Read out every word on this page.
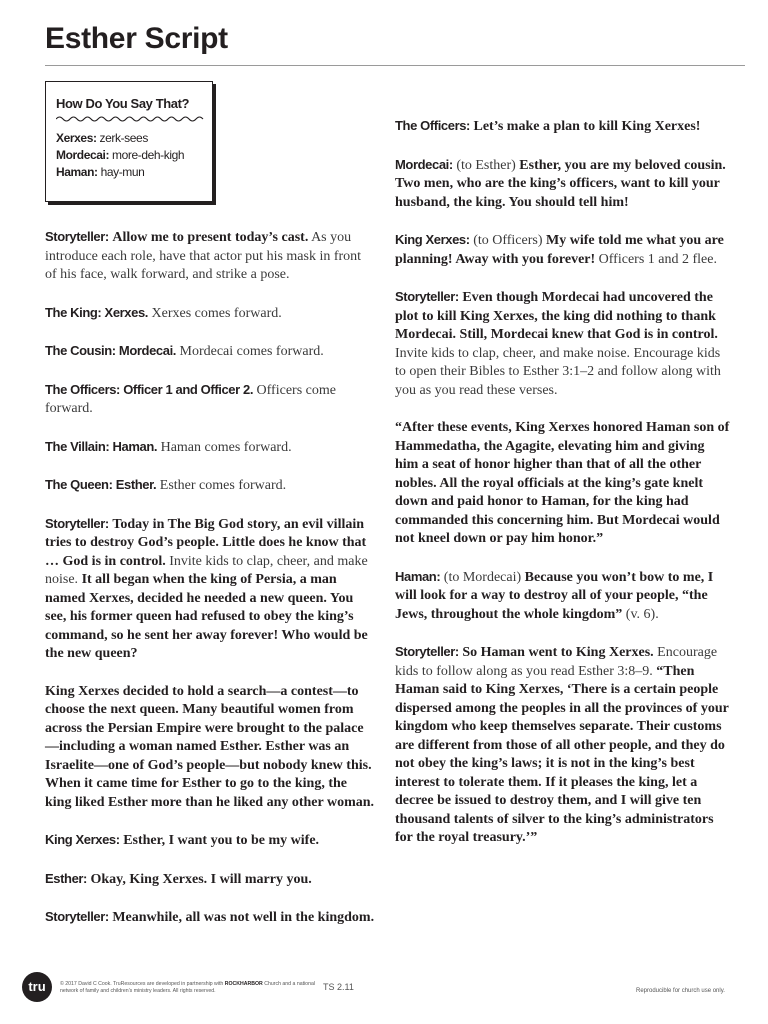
Esther Script

How Do You Say That?

Xerxes: zerk-sees
Mordecai: more-deh-kigh
Haman: hay-mun

Storyteller: Allow me to present today’s cast. As you introduce each role, have that actor put his mask in front of his face, walk forward, and strike a pose.

The King: Xerxes. Xerxes comes forward.

The Cousin: Mordecai. Mordecai comes forward.

The Officers: Officer 1 and Officer 2. Officers come forward.

The Villain: Haman. Haman comes forward.

The Queen: Esther. Esther comes forward.

Storyteller: Today in The Big God story, an evil villain tries to destroy God’s people. Little does he know that … God is in control. Invite kids to clap, cheer, and make noise. It all began when the king of Persia, a man named Xerxes, decided he needed a new queen. You see, his former queen had refused to obey the king’s command, so he sent her away forever! Who would be the new queen?

King Xerxes decided to hold a search—a contest—to choose the next queen. Many beautiful women from across the Persian Empire were brought to the palace—including a woman named Esther. Esther was an Israelite—one of God’s people—but nobody knew this. When it came time for Esther to go to the king, the king liked Esther more than he liked any other woman.

King Xerxes: Esther, I want you to be my wife.

Esther: Okay, King Xerxes. I will marry you.

Storyteller: Meanwhile, all was not well in the kingdom.

The Officers: Let’s make a plan to kill King Xerxes!

Mordecai: (to Esther) Esther, you are my beloved cousin. Two men, who are the king’s officers, want to kill your husband, the king. You should tell him!

King Xerxes: (to Officers) My wife told me what you are planning! Away with you forever! Officers 1 and 2 flee.

Storyteller: Even though Mordecai had uncovered the plot to kill King Xerxes, the king did nothing to thank Mordecai. Still, Mordecai knew that God is in control. Invite kids to clap, cheer, and make noise. Encourage kids to open their Bibles to Esther 3:1–2 and follow along with you as you read these verses.

“After these events, King Xerxes honored Haman son of Hammedatha, the Agagite, elevating him and giving him a seat of honor higher than that of all the other nobles. All the royal officials at the king’s gate knelt down and paid honor to Haman, for the king had commanded this concerning him. But Mordecai would not kneel down or pay him honor.”

Haman: (to Mordecai) Because you won’t bow to me, I will look for a way to destroy all of your people, “the Jews, throughout the whole kingdom” (v. 6).

Storyteller: So Haman went to King Xerxes. Encourage kids to follow along as you read Esther 3:8–9. “Then Haman said to King Xerxes, ‘There is a certain people dispersed among the peoples in all the provinces of your kingdom who keep themselves separate. Their customs are different from those of all other people, and they do not obey the king’s laws; it is not in the king’s best interest to tolerate them. If it pleases the king, let a decree be issued to destroy them, and I will give ten thousand talents of silver to the king’s administrators for the royal treasury.’”

tru	© 2017 David C Cook. TruResources are developed in partnership with ROCKHARBOR Church and a national network of family and children’s ministry leaders. All rights reserved.	TS 2.11	Reproducible for church use only.
